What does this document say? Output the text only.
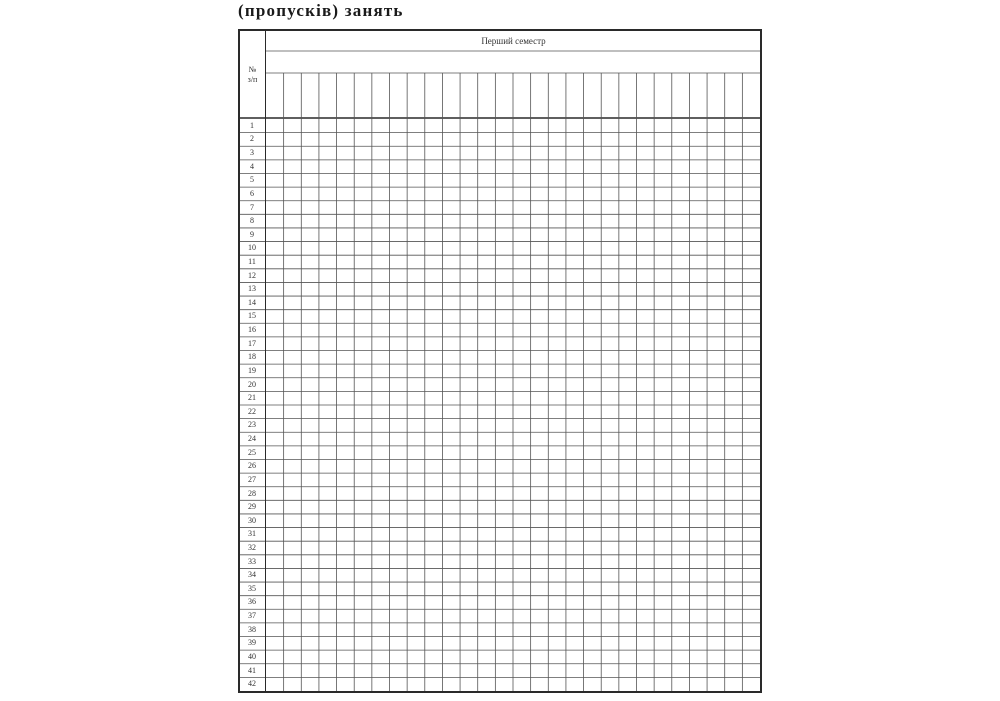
(пропусків) занять
Перший семестр
№
з/п
1
2
3
4
5
6
7
8
9
10
11
12
13
14
15
16
17
18
19
20
21
22
23
24
25
26
27
28
29
30
31
32
33
34
35
36
37
38
39
40
41
42
